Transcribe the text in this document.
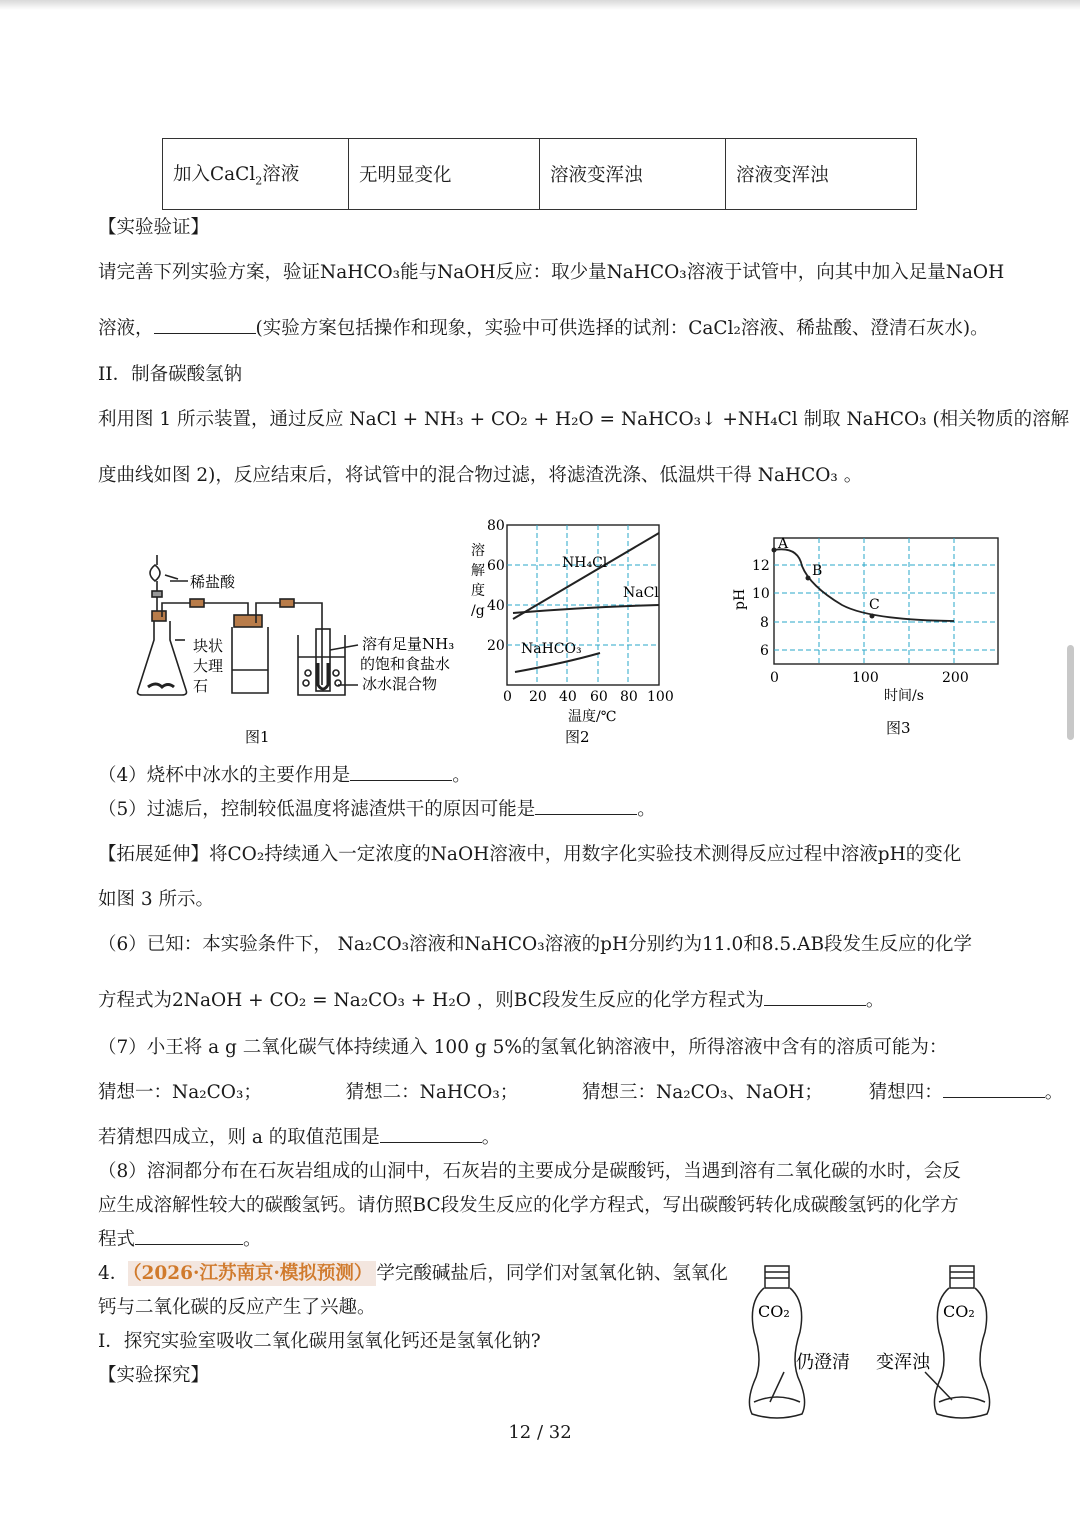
加入CaCl$_2$溶液	无明显变化	溶液变浑浊	溶液变浑浊
【实验验证】
请完善下列实验方案，验证NaHCO₃能与NaOH反应：取少量NaHCO₃溶液于试管中，向其中加入足量NaOH
溶液，	(实验方案包括操作和现象，实验中可供选择的试剂：CaCl₂溶液、稀盐酸、澄清石灰水)。
II．制备碳酸氢钠
利用图 1 所示装置，通过反应 NaCl + NH₃ + CO₂ + H₂O = NaHCO₃↓ +NH₄Cl 制取 NaHCO₃ (相关物质的溶解
度曲线如图 2)，反应结束后，将试管中的混合物过滤，将滤渣洗涤、低温烘干得 NaHCO₃ 。
稀盐酸
块状
大理
石
溶有足量NH₃
的饱和食盐水
冰水混合物
图1
NH₄Cl
NaCl
NaHCO₃
80
60
40
20
溶
解
度
/g
0 20 40 60 80 100
温度/℃
图2
A
B
C
12
10
8
6
pH
0	100	200
时间/s
图3
（4）烧杯中冰水的主要作用是	。
（5）过滤后，控制较低温度将滤渣烘干的原因可能是	。
【拓展延伸】将CO₂持续通入一定浓度的NaOH溶液中，用数字化实验技术测得反应过程中溶液pH的变化
如图 3 所示。
（6）已知：本实验条件下， Na₂CO₃溶液和NaHCO₃溶液的pH分别约为11.0和8.5.AB段发生反应的化学
方程式为2NaOH + CO₂ = Na₂CO₃ + H₂O ，则BC段发生反应的化学方程式为	。
（7）小王将 a g 二氧化碳气体持续通入 100 g 5%的氢氧化钠溶液中，所得溶液中含有的溶质可能为：
猜想一：Na₂CO₃；	猜想二：NaHCO₃；	猜想三：Na₂CO₃、NaOH； 猜想四：	。
若猜想四成立，则 a 的取值范围是	。
（8）溶洞都分布在石灰岩组成的山洞中，石灰岩的主要成分是碳酸钙，当遇到溶有二氧化碳的水时，会反
应生成溶解性较大的碳酸氢钙。请仿照BC段发生反应的化学方程式，写出碳酸钙转化成碳酸氢钙的化学方
程式	。
4． （2026·江苏南京·模拟预测） 学完酸碱盐后，同学们对氢氧化钠、氢氧化
钙与二氧化碳的反应产生了兴趣。
I．探究实验室吸收二氧化碳用氢氧化钙还是氢氧化钠?
【实验探究】
CO₂	CO₂
仍澄清 变浑浊
12 / 32
